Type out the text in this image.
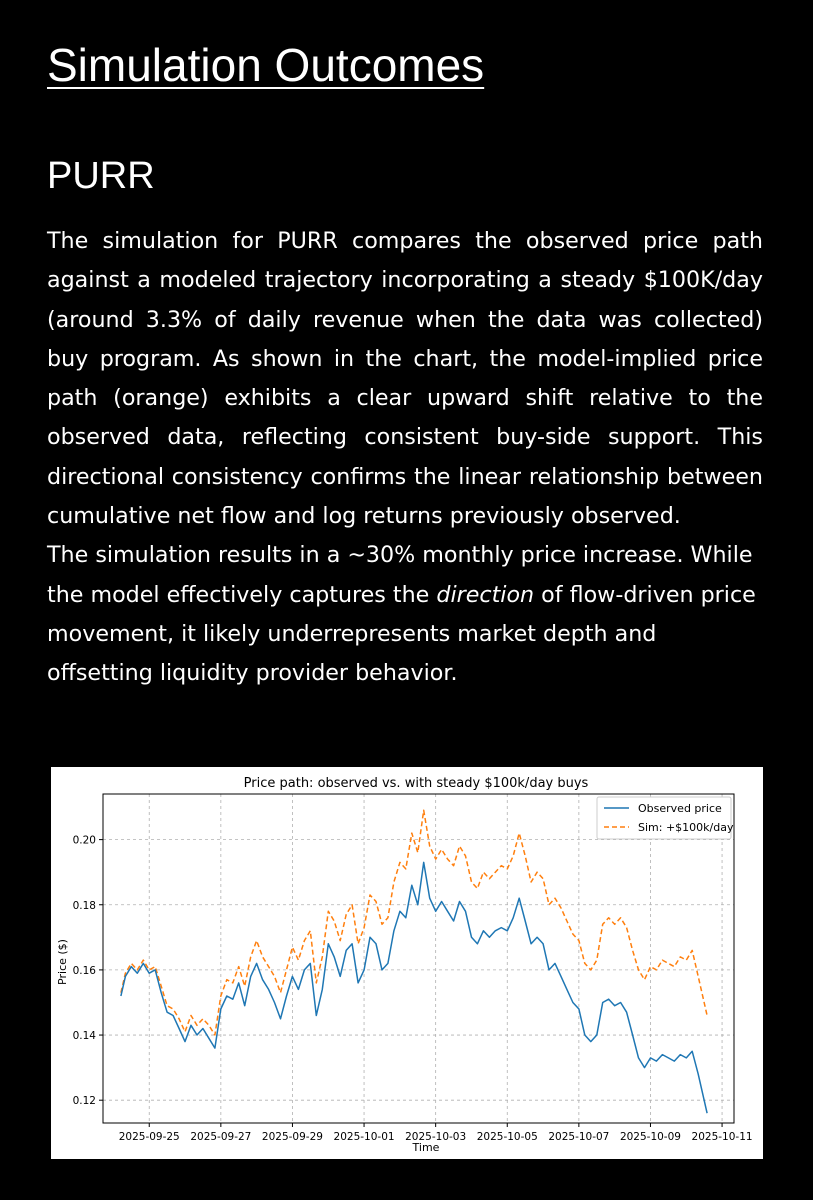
Simulation Outcomes
PURR

The simulation for PURR compares the observed price path against a modeled trajectory incorporating a steady $100K/day (around 3.3% of daily revenue when the data was collected) buy program. As shown in the chart, the model-implied price path (orange) exhibits a clear upward shift relative to the observed data, reflecting consistent buy-side support. This directional consistency confirms the linear relationship between cumulative net flow and log returns previously observed.

The simulation results in a ~30% monthly price increase. While the model effectively captures the direction of flow-driven price movement, it likely underrepresents market depth and offsetting liquidity provider behavior.

Price path: observed vs. with steady $100k/day buys
2025-09-25 2025-09-27 2025-09-29 2025-10-01 2025-10-03 2025-10-05 2025-10-07 2025-10-09 2025-10-11
0.12
0.14
0.16
0.18
0.20
Time
Price ($)
Observed price
Sim: +$100k/day
